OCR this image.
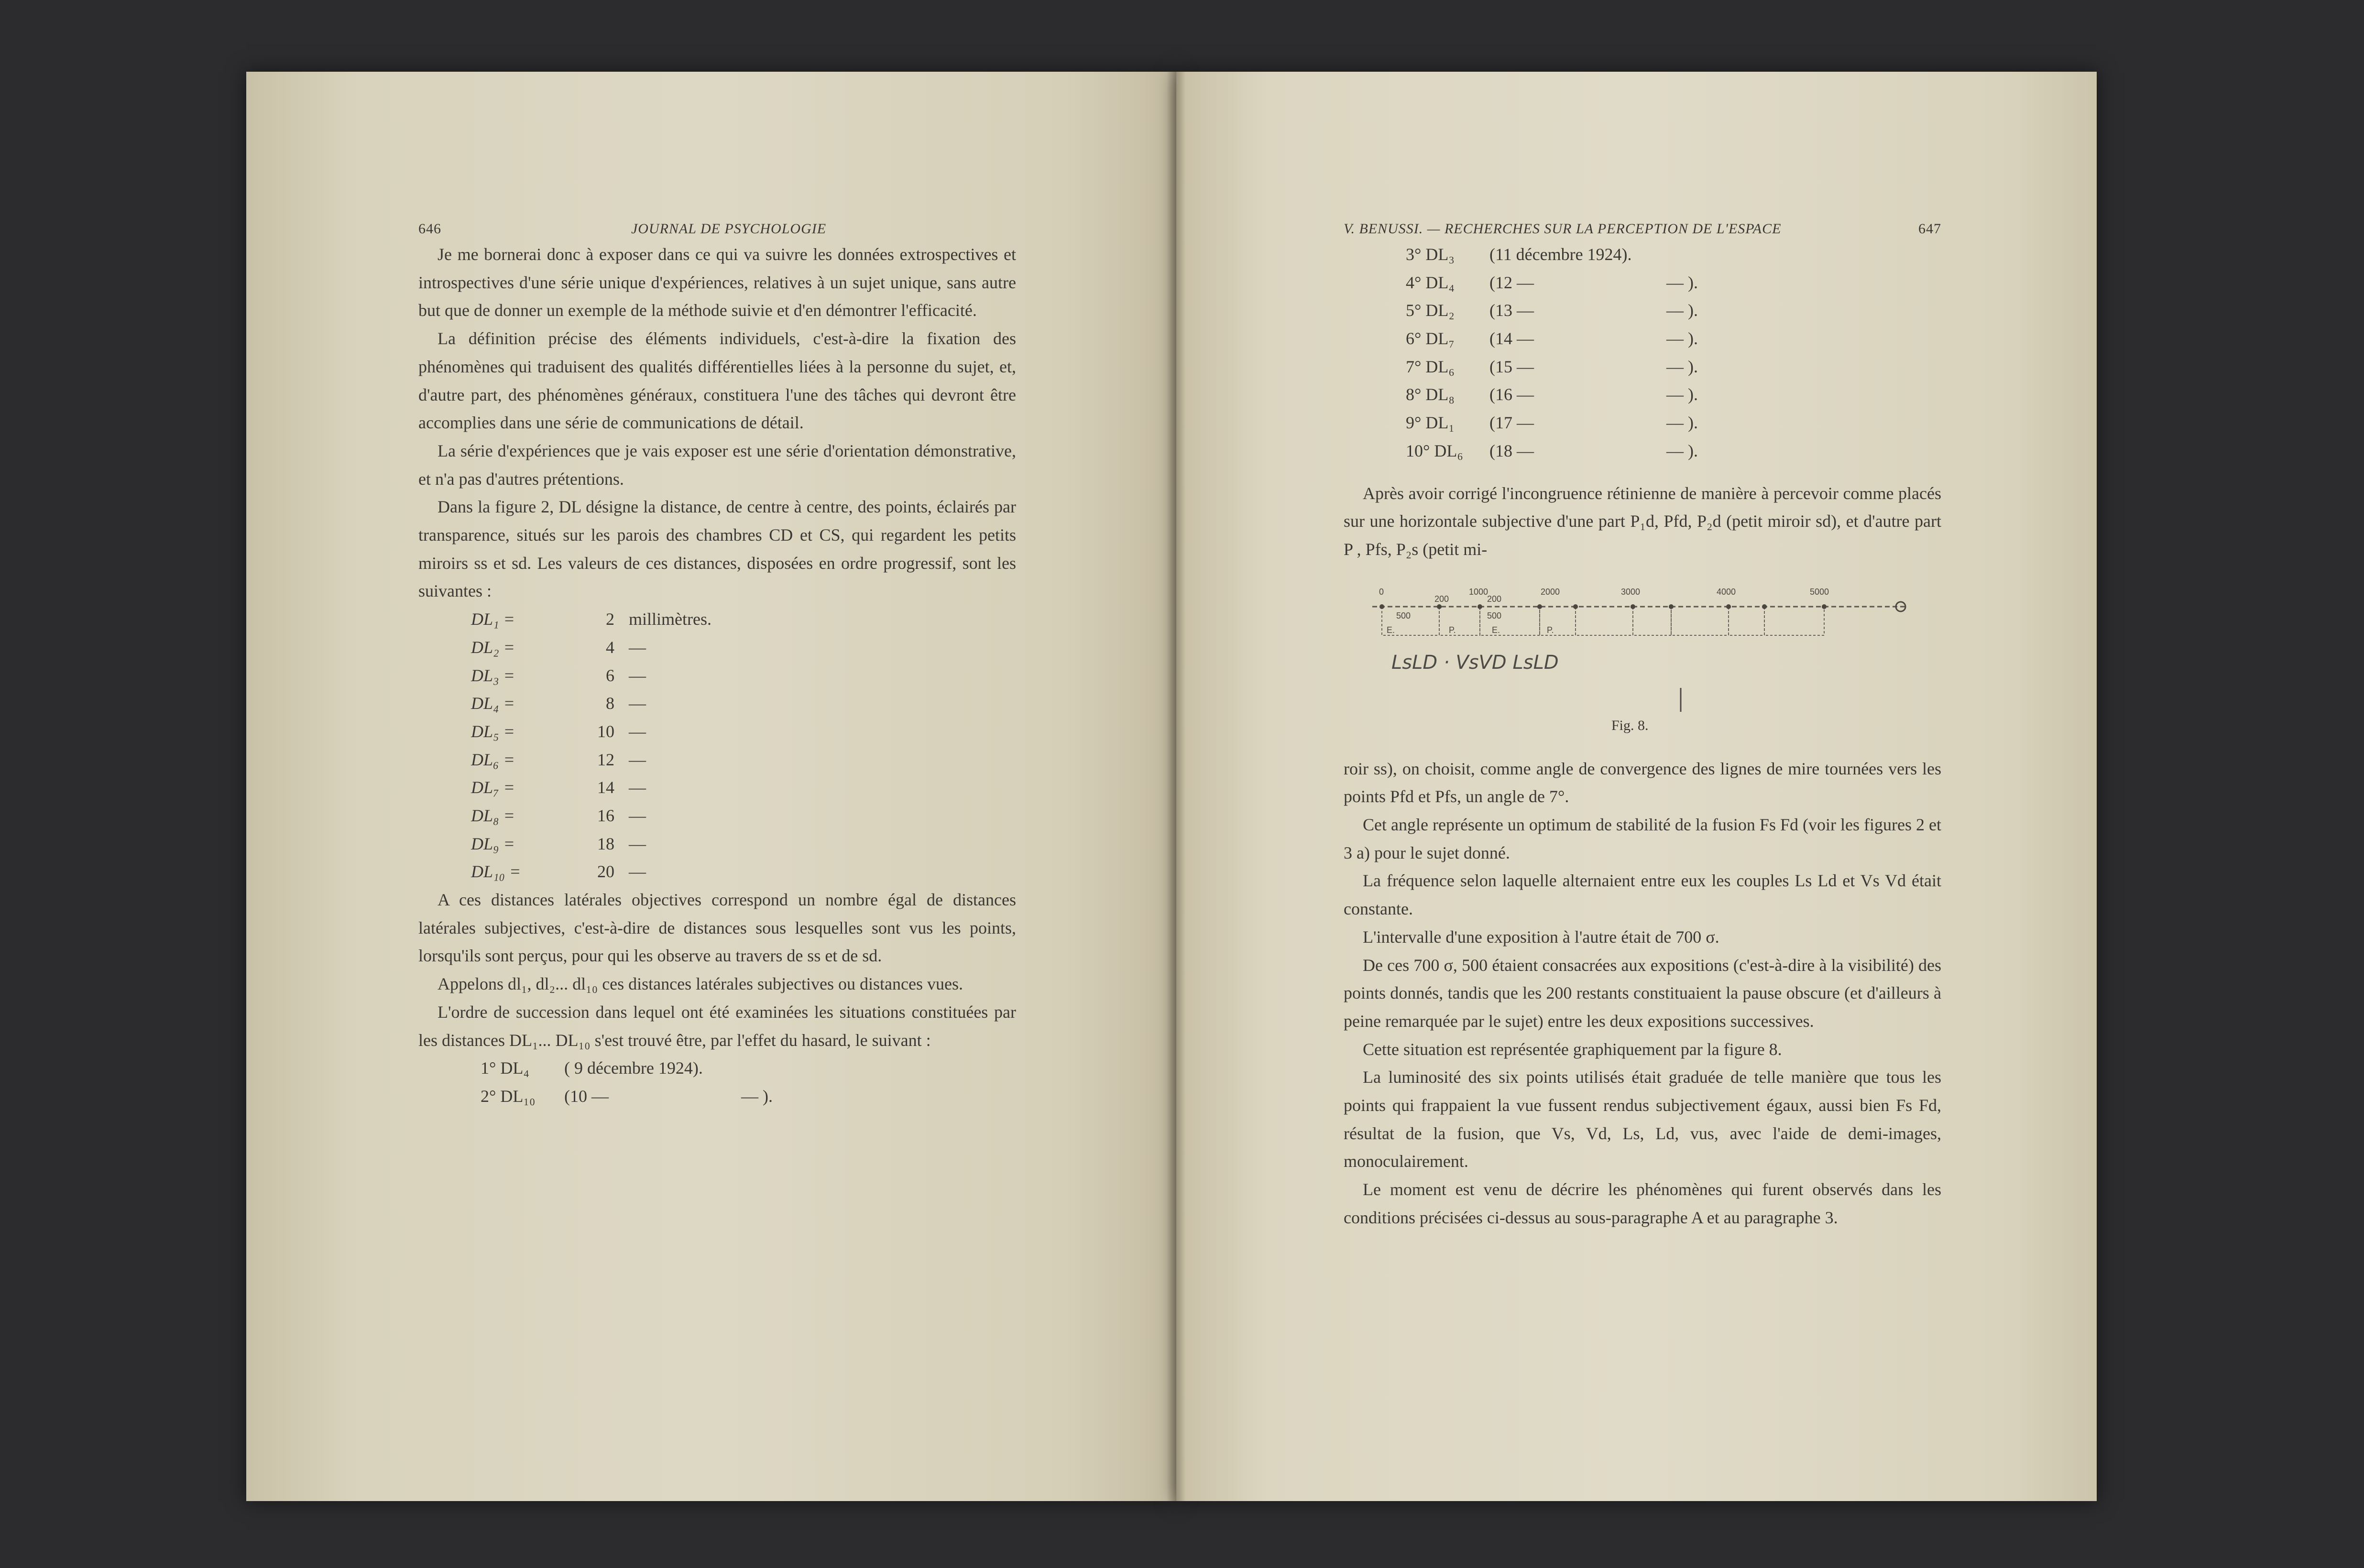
646	JOURNAL DE PSYCHOLOGIE

Je me bornerai donc à exposer dans ce qui va suivre les données extrospectives et introspectives d'une série unique d'expériences, relatives à un sujet unique, sans autre but que de donner un exemple de la méthode suivie et d'en démontrer l'efficacité.

La définition précise des éléments individuels, c'est-à-dire la fixation des phénomènes qui traduisent des qualités différentielles liées à la personne du sujet, et, d'autre part, des phénomènes généraux, constituera l'une des tâches qui devront être accomplies dans une série de communications de détail.

La série d'expériences que je vais exposer est une série d'orientation démonstrative, et n'a pas d'autres prétentions.

Dans la figure 2, DL désigne la distance, de centre à centre, des points, éclairés par transparence, situés sur les parois des chambres CD et CS, qui regardent les petits miroirs ss et sd. Les valeurs de ces distances, disposées en ordre progressif, sont les suivantes :

DL₁ =	2 millimètres.
DL₂ =	4 —
DL₃ =	6 —
DL₄ =	8 —
DL₅ =	10 —
DL₆ =	12 —
DL₇ =	14 —
DL₈ =	16 —
DL₉ =	18 —
DL₁₀ =	20 —

A ces distances latérales objectives correspond un nombre égal de distances latérales subjectives, c'est-à-dire de distances sous lesquelles sont vus les points, lorsqu'ils sont perçus, pour qui les observe au travers de ss et de sd.

Appelons dl₁, dl₂... dl₁₀ ces distances latérales subjectives ou distances vues.

L'ordre de succession dans lequel ont été examinées les situations constituées par les distances DL₁... DL₁₀ s'est trouvé être, par l'effet du hasard, le suivant :

1° DL₄	( 9 décembre 1924).
2° DL₁₀	(10 —	— ).
V. BENUSSI. — RECHERCHES SUR LA PERCEPTION DE L'ESPACE	647
3° DL₃	(11 décembre 1924).
4° DL₄	(12 —	— ).
5° DL₂	(13 —	— ).
6° DL₇	(14 —	— ).
7° DL₆	(15 —	— ).
8° DL₈	(16 —	— ).
9° DL₁	(17 —	— ).
10° DL₆	(18 —	— ).

Après avoir corrigé l'incongruence rétinienne de manière à percevoir comme placés sur une horizontale subjective d'une part P₁d, Pfd, P₂d (petit miroir sd), et d'autre part P , Pfs, P₂s (petit mi-

0
200
1000
200
2000	3000	4000	5000
500	500
E.	P.	E.	P.
LsLD · VsVD LsLD
Fig. 8.

roir ss), on choisit, comme angle de convergence des lignes de mire tournées vers les points Pfd et Pfs, un angle de 7°.

Cet angle représente un optimum de stabilité de la fusion Fs Fd (voir les figures 2 et 3 a) pour le sujet donné.

La fréquence selon laquelle alternaient entre eux les couples Ls Ld et Vs Vd était constante.

L'intervalle d'une exposition à l'autre était de 700 σ.

De ces 700 σ, 500 étaient consacrées aux expositions (c'est-à-dire à la visibilité) des points donnés, tandis que les 200 restants constituaient la pause obscure (et d'ailleurs à peine remarquée par le sujet) entre les deux expositions successives.

Cette situation est représentée graphiquement par la figure 8.

La luminosité des six points utilisés était graduée de telle manière que tous les points qui frappaient la vue fussent rendus subjectivement égaux, aussi bien Fs Fd, résultat de la fusion, que Vs, Vd, Ls, Ld, vus, avec l'aide de demi-images, monoculairement.

Le moment est venu de décrire les phénomènes qui furent observés dans les conditions précisées ci-dessus au sous-paragraphe A et au paragraphe 3.
